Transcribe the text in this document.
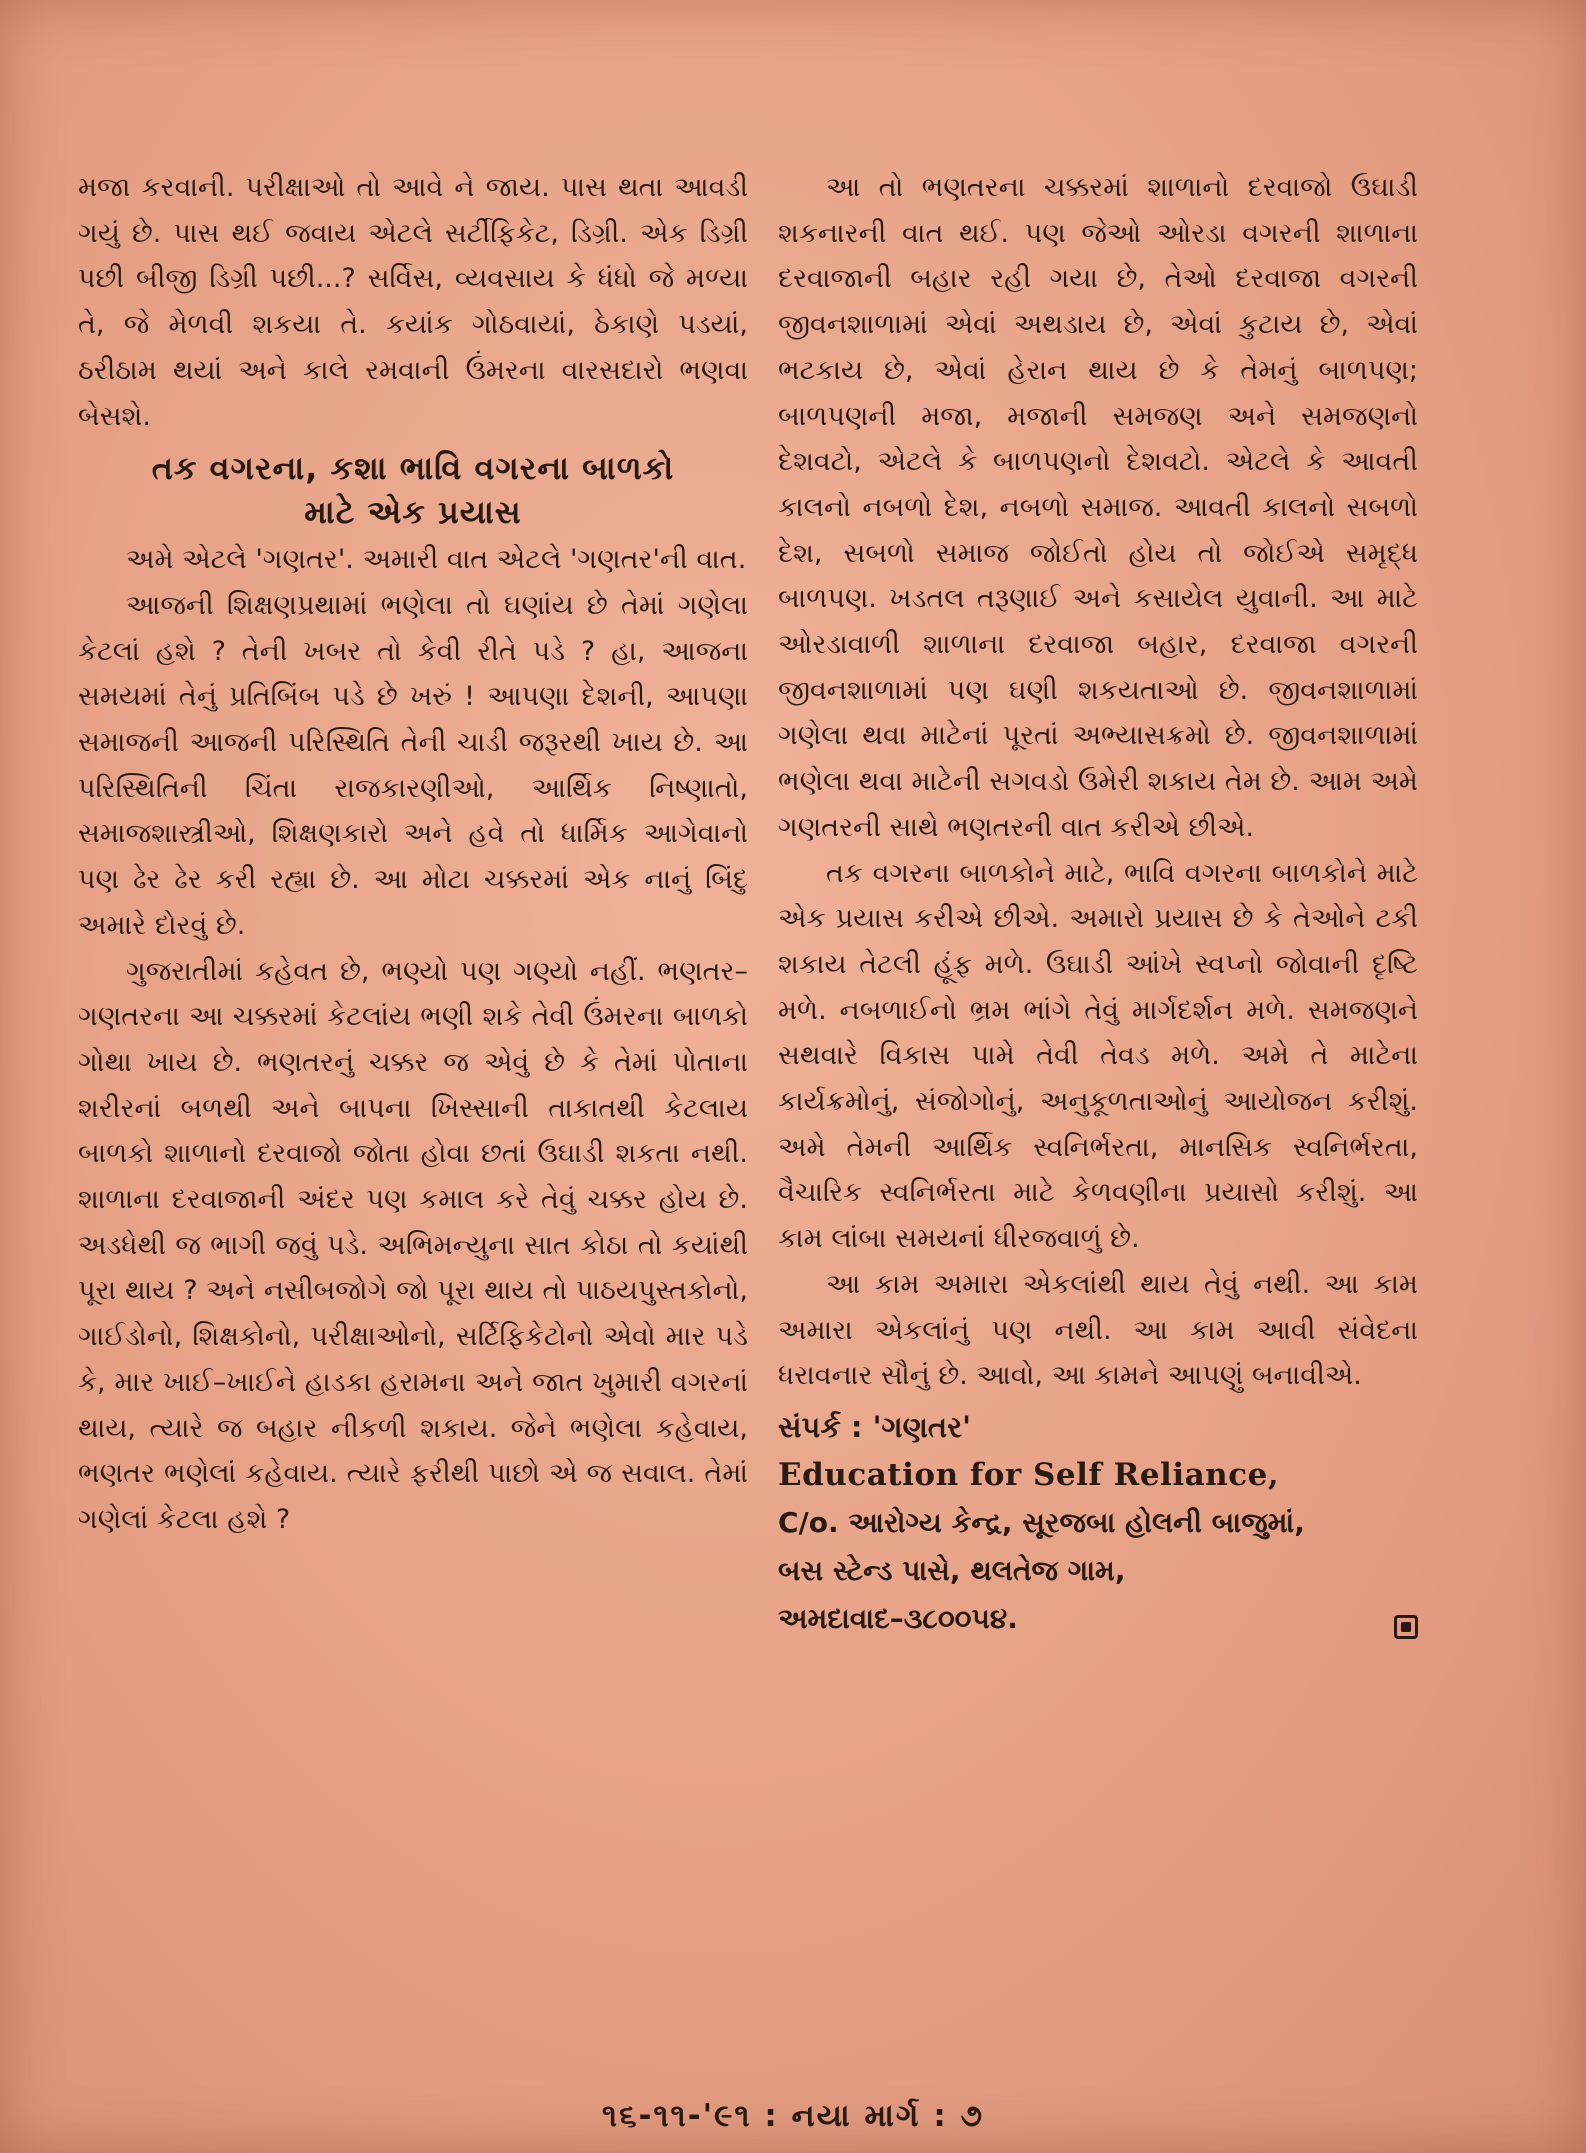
મજા કરવાની. પરીક્ષાઓ તો આવે ને જાય. પાસ થતા આવડી ગયું છે. પાસ થઈ જવાય એટલે સર્ટીફિકેટ, ડિગ્રી. એક ડિગ્રી પછી બીજી ડિગ્રી પછી...? સર્વિસ, વ્યવસાય કે ધંધો જે મળ્યા તે, જે મેળવી શકયા તે. કયાંક ગોઠવાયાં, ઠેકાણે પડયાં, ઠરીઠામ થયાં અને કાલે રમવાની ઉંમરના વારસદારો ભણવા બેસશે.

તક વગરના, કશા ભાવિ વગરના બાળકો
માટે એક પ્રયાસ

અમે એટલે 'ગણતર'. અમારી વાત એટલે 'ગણતર'ની વાત.

આજની શિક્ષણપ્રથામાં ભણેલા તો ઘણાંય છે તેમાં ગણેલા કેટલાં હશે ? તેની ખબર તો કેવી રીતે પડે ? હા, આજના સમયમાં તેનું પ્રતિબિંબ પડે છે ખરું ! આપણા દેશની, આપણા સમાજની આજની પરિસ્થિતિ તેની ચાડી જરૂરથી ખાય છે. આ પરિસ્થિતિની ચિંતા રાજકારણીઓ, આર્થિક નિષ્ણાતો, સમાજશાસ્ત્રીઓ, શિક્ષણકારો અને હવે તો ધાર્મિક આગેવાનો પણ ઢેર ઢેર કરી રહ્યા છે. આ મોટા ચક્કરમાં એક નાનું બિંદુ અમારે દોરવું છે.

ગુજરાતીમાં કહેવત છે, ભણ્યો પણ ગણ્યો નહીં. ભણતર–ગણતરના આ ચક્કરમાં કેટલાંય ભણી શકે તેવી ઉંમરના બાળકો ગોથા ખાય છે. ભણતરનું ચક્કર જ એવું છે કે તેમાં પોતાના શરીરનાં બળથી અને બાપના ખિસ્સાની તાકાતથી કેટલાય બાળકો શાળાનો દરવાજો જોતા હોવા છતાં ઉઘાડી શકતા નથી. શાળાના દરવાજાની અંદર પણ કમાલ કરે તેવું ચક્કર હોય છે. અડધેથી જ ભાગી જવું પડે. અભિમન્યુના સાત કોઠા તો કયાંથી પૂરા થાય ? અને નસીબજોગે જો પૂરા થાય તો પાઠયપુસ્તકોનો, ગાઈડોનો, શિક્ષકોનો, પરીક્ષાઓનો, સર્ટિફિકેટોનો એવો માર પડે કે, માર ખાઈ–ખાઈને હાડકા હરામના અને જાત ખુમારી વગરનાં થાય, ત્યારે જ બહાર નીકળી શકાય. જેને ભણેલા કહેવાય, ભણતર ભણેલાં કહેવાય. ત્યારે ફરીથી પાછો એ જ સવાલ. તેમાં ગણેલાં કેટલા હશે ?

આ તો ભણતરના ચક્કરમાં શાળાનો દરવાજો ઉઘાડી શકનારની વાત થઈ. પણ જેઓ ઓરડા વગરની શાળાના દરવાજાની બહાર રહી ગયા છે, તેઓ દરવાજા વગરની જીવનશાળામાં એવાં અથડાય છે, એવાં કુટાય છે, એવાં ભટકાય છે, એવાં હેરાન થાય છે કે તેમનું બાળપણ; બાળપણની મજા, મજાની સમજણ અને સમજણનો દેશવટો, એટલે કે બાળપણનો દેશવટો. એટલે કે આવતી કાલનો નબળો દેશ, નબળો સમાજ. આવતી કાલનો સબળો દેશ, સબળો સમાજ જોઈતો હોય તો જોઈએ સમૃદ્ધ બાળપણ. ખડતલ તરૂણાઈ અને કસાયેલ યુવાની. આ માટે ઓરડાવાળી શાળાના દરવાજા બહાર, દરવાજા વગરની જીવનશાળામાં પણ ઘણી શકયતાઓ છે. જીવનશાળામાં ગણેલા થવા માટેનાં પૂરતાં અભ્યાસક્રમો છે. જીવનશાળામાં ભણેલા થવા માટેની સગવડો ઉમેરી શકાય તેમ છે. આમ અમે ગણતરની સાથે ભણતરની વાત કરીએ છીએ.

તક વગરના બાળકોને માટે, ભાવિ વગરના બાળકોને માટે એક પ્રયાસ કરીએ છીએ. અમારો પ્રયાસ છે કે તેઓને ટકી શકાય તેટલી હૂંફ મળે. ઉઘાડી આંખે સ્વપ્નો જોવાની દૃષ્ટિ મળે. નબળાઈનો ભ્રમ ભાંગે તેવું માર્ગદર્શન મળે. સમજણને સથવારે વિકાસ પામે તેવી તેવડ મળે. અમે તે માટેના કાર્યક્રમોનું, સંજોગોનું, અનુકૂળતાઓનું આયોજન કરીશું. અમે તેમની આર્થિક સ્વનિર્ભરતા, માનસિક સ્વનિર્ભરતા, વૈચારિક સ્વનિર્ભરતા માટે કેળવણીના પ્રયાસો કરીશું. આ કામ લાંબા સમયનાં ધીરજવાળું છે.

આ કામ અમારા એકલાંથી થાય તેવું નથી. આ કામ અમારા એકલાંનું પણ નથી. આ કામ આવી સંવેદના ધરાવનાર સૌનું છે. આવો, આ કામને આપણું બનાવીએ.

સંપર્ક : 'ગણતર'

Education for Self Reliance,

C/o. આરોગ્ય કેન્દ્ર, સૂરજબા હોલની બાજુમાં,

બસ સ્ટેન્ડ પાસે, થલતેજ ગામ,

અમદાવાદ–૩૮૦૦૫૪.

૧૬-૧૧-'૯૧ : નયા માર્ગ : ૭
